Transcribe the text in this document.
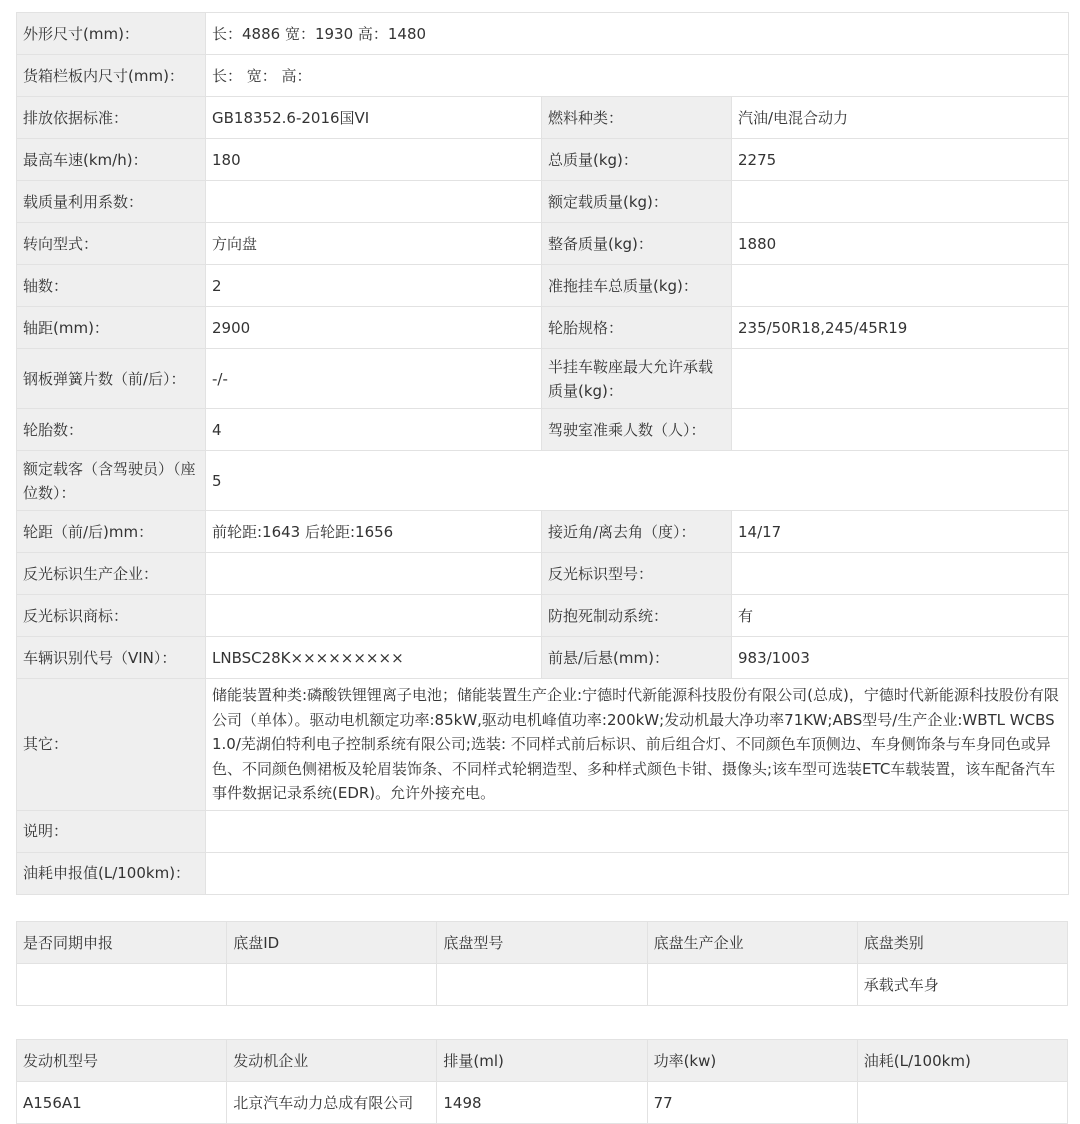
外形尺寸(mm)：	长：4886 宽：1930 高：1480		
货箱栏板内尺寸(mm)：	长： 宽： 高：		
排放依据标准：	GB18352.6-2016国VI	燃料种类：	汽油/电混合动力
最高车速(km/h)：	180	总质量(kg)：	2275
载质量利用系数：		额定载质量(kg)：	
转向型式：	方向盘	整备质量(kg)：	1880
轴数：	2	准拖挂车总质量(kg)：	
轴距(mm)：	2900	轮胎规格：	235/50R18,245/45R19
钢板弹簧片数（前/后）：	-/-	半挂车鞍座最大允许承载质量(kg)：	
轮胎数：	4	驾驶室准乘人数（人）：	
额定载客（含驾驶员）（座位数）：	5		
轮距（前/后)mm：	前轮距:1643 后轮距:1656	接近角/离去角（度）：	14/17
反光标识生产企业：		反光标识型号：	
反光标识商标：		防抱死制动系统：	有
车辆识别代号（VIN）：	LNBSC28K×××××××××	前悬/后悬(mm)：	983/1003
其它：	储能装置种类:磷酸铁锂锂离子电池；储能装置生产企业:宁德时代新能源科技股份有限公司(总成)，宁德时代新能源科技股份有限公司（单体）。驱动电机额定功率:85kW,驱动电机峰值功率:200kW;发动机最大净功率71KW;ABS型号/生产企业:WBTL WCBS 1.0/芜湖伯特利电子控制系统有限公司;选装: 不同样式前后标识、前后组合灯、不同颜色车顶侧边、车身侧饰条与车身同色或异色、不同颜色侧裙板及轮眉装饰条、不同样式轮辋造型、多种样式颜色卡钳、摄像头;该车型可选装ETC车载装置，该车配备汽车事件数据记录系统(EDR)。允许外接充电。		
说明：			
油耗申报值(L/100km)：			
是否同期申报	底盘ID	底盘型号	底盘生产企业	底盘类别
				承载式车身
发动机型号	发动机企业	排量(ml)	功率(kw)	油耗(L/100km)
A156A1	北京汽车动力总成有限公司	1498	77	
